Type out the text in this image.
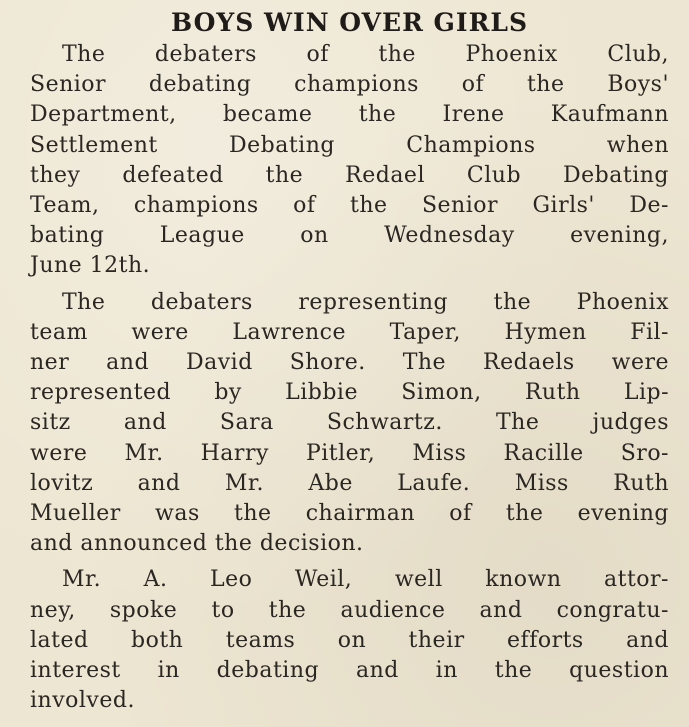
BOYS WIN OVER GIRLS

The debaters of the Phoenix Club,
Senior debating champions of the Boys'
Department, became the Irene Kaufmann
Settlement Debating Champions when
they defeated the Redael Club Debating
Team, champions of the Senior Girls' De-
bating League on Wednesday evening,
June 12th.

The debaters representing the Phoenix
team were Lawrence Taper, Hymen Fil-
ner and David Shore. The Redaels were
represented by Libbie Simon, Ruth Lip-
sitz and Sara Schwartz. The judges
were Mr. Harry Pitler, Miss Racille Sro-
lovitz and Mr. Abe Laufe. Miss Ruth
Mueller was the chairman of the evening
and announced the decision.

Mr. A. Leo Weil, well known attor-
ney, spoke to the audience and congratu-
lated both teams on their efforts and
interest in debating and in the question
involved.
